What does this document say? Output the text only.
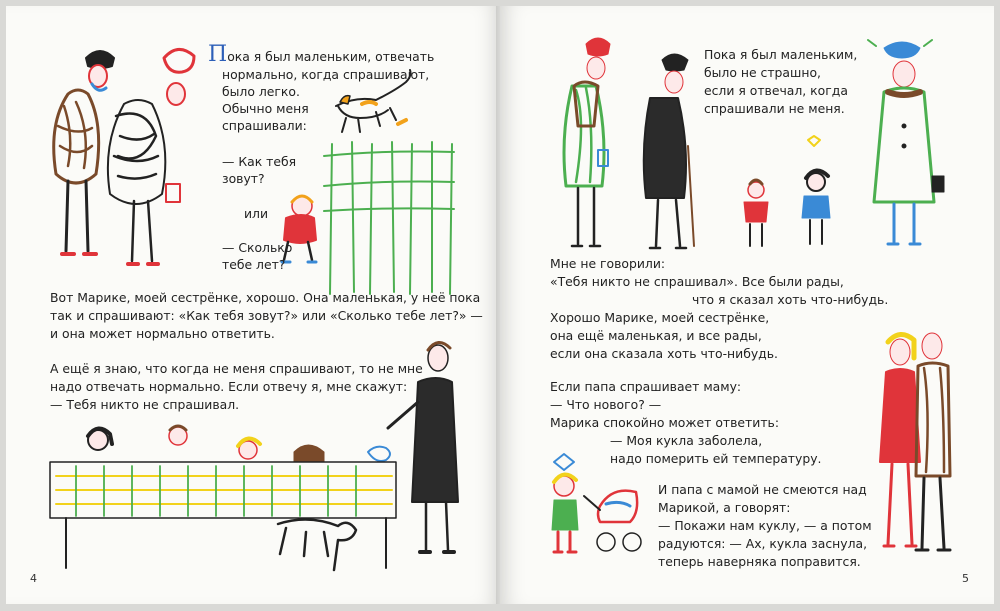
Пока я был маленьким, отвечать
нормально, когда спрашивают,
было легко.
Обычно меня
спрашивали:
— Как тебя
зовут?
или
— Сколько
тебе лет?
Вот Марике, моей сестрёнке, хорошо. Она маленькая, у неё пока
так и спрашивают: «Как тебя зовут?» или «Сколько тебе лет?» —
и она может нормально ответить.
А ещё я знаю, что когда не меня спрашивают, то не мне
надо отвечать нормально. Если отвечу я, мне скажут:
— Тебя никто не спрашивал.
4
Пока я был маленьким,
было не страшно,
если я отвечал, когда
спрашивали не меня.
Мне не говорили:
«Тебя никто не спрашивал». Все были рады,
что я сказал хоть что-нибудь.
Хорошо Марике, моей сестрёнке,
она ещё маленькая, и все рады,
если она сказала хоть что-нибудь.
Если папа спрашивает маму:
— Что нового? —
Марика спокойно может ответить:
— Моя кукла заболела,
надо померить ей температуру.
И папа с мамой не смеются над
Марикой, а говорят:
— Покажи нам куклу, — а потом
радуются: — Ах, кукла заснула,
теперь наверняка поправится.
5
